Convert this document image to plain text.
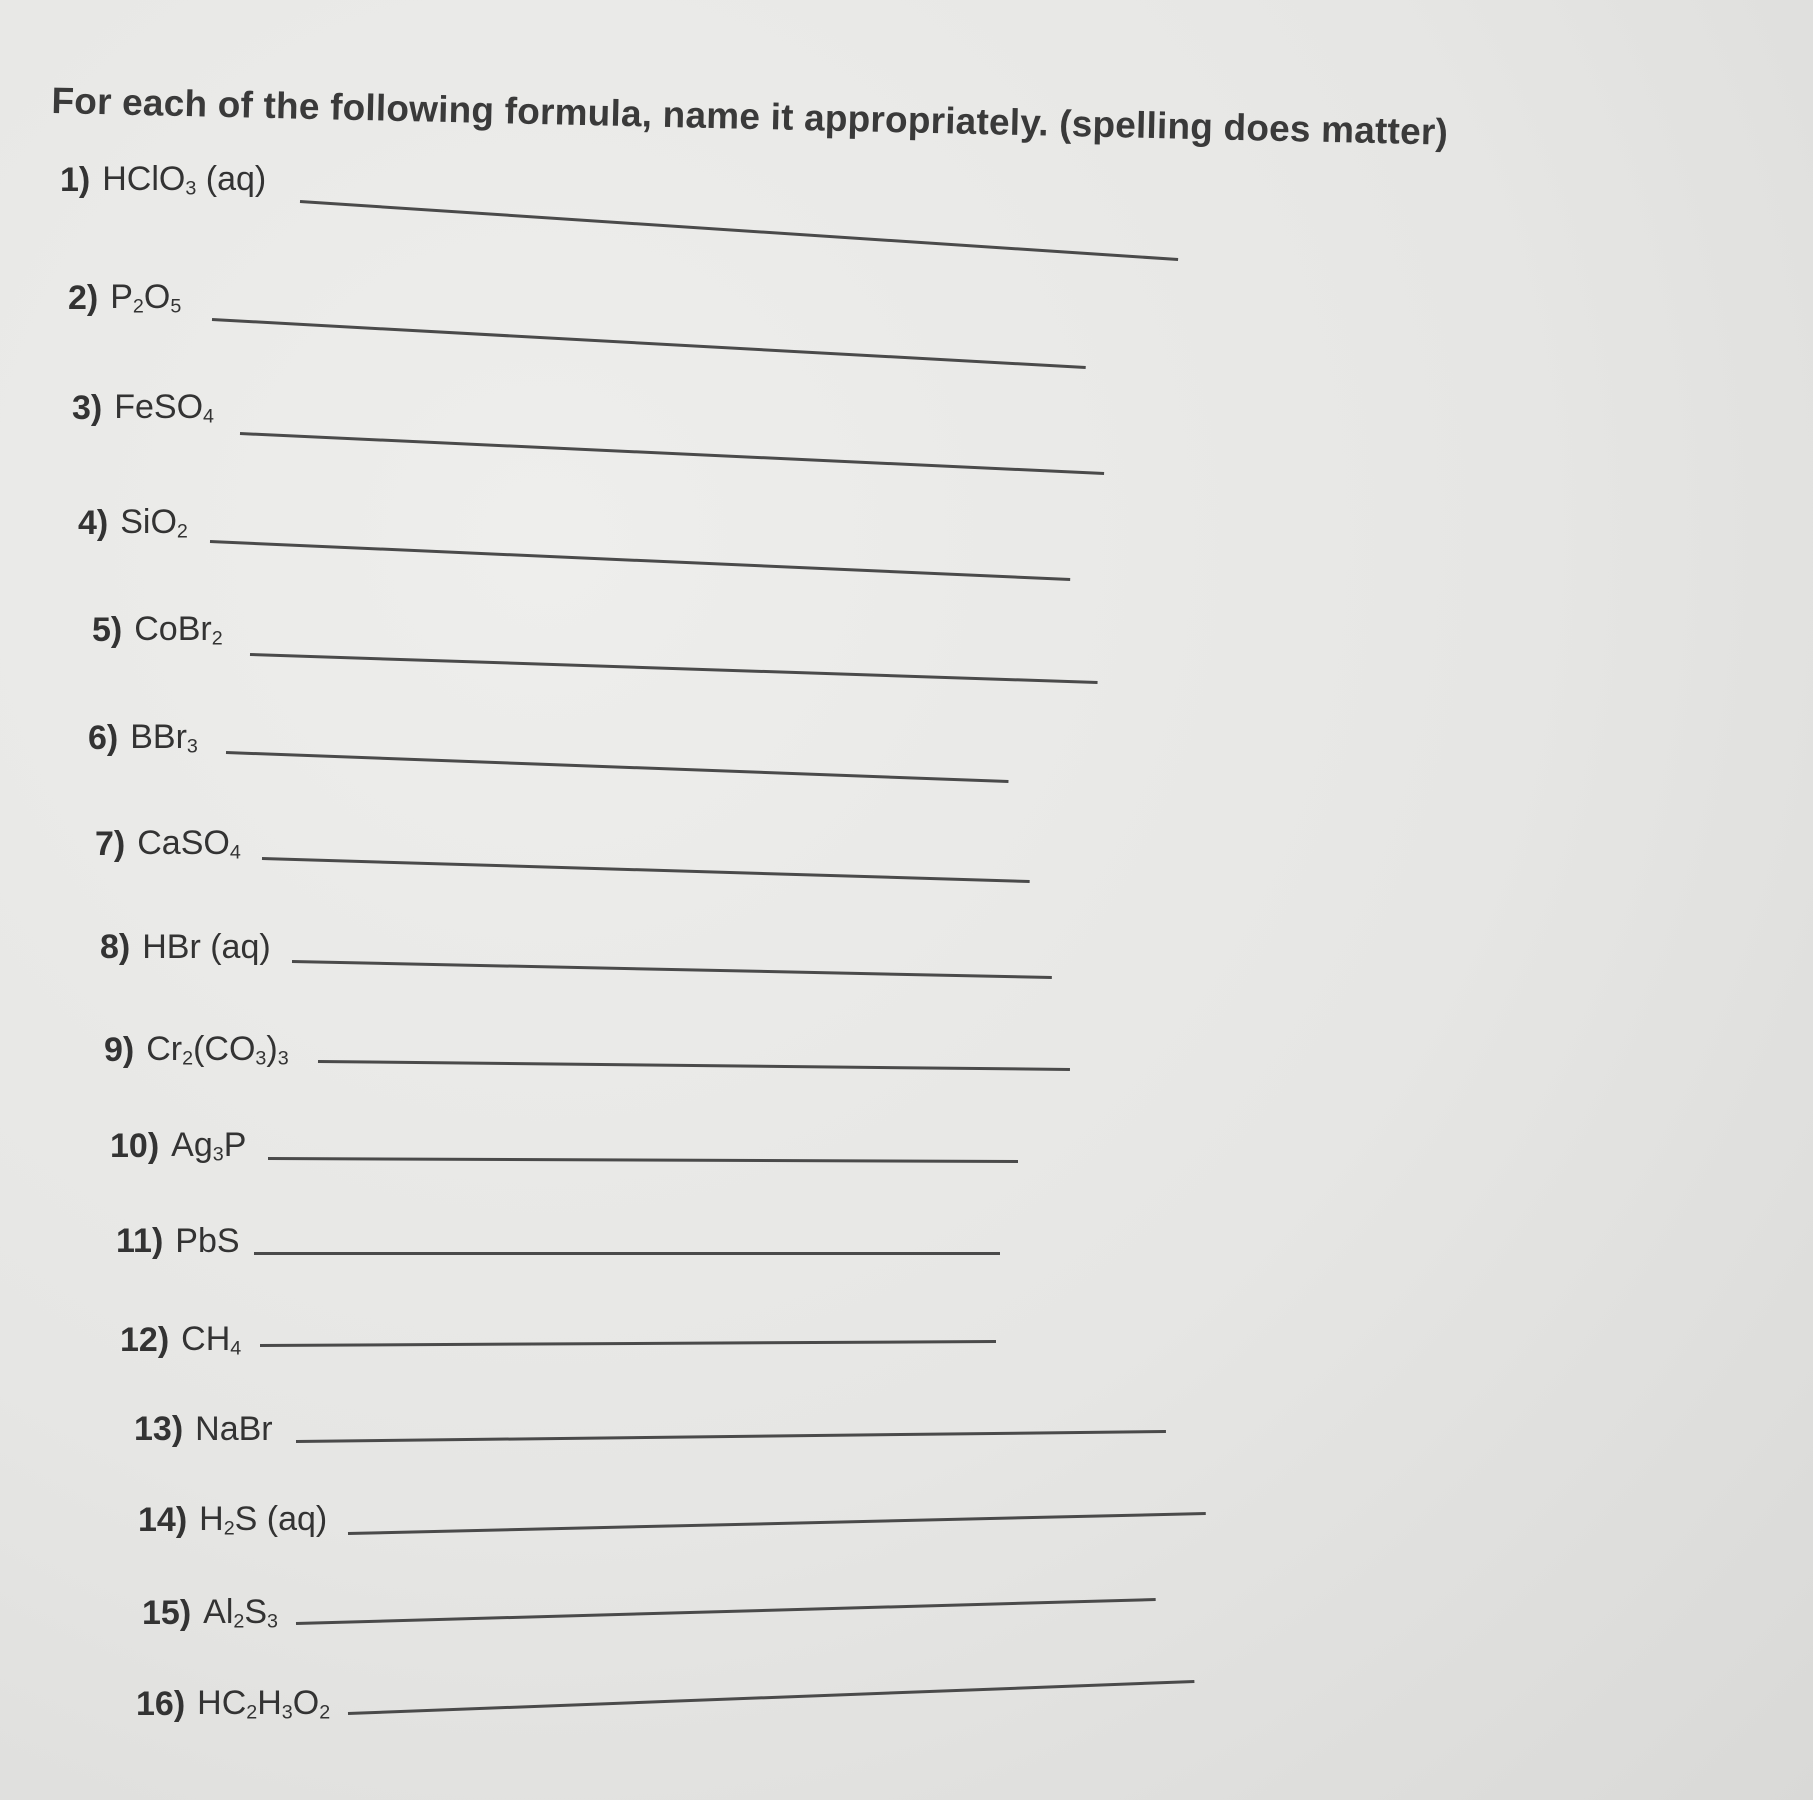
For each of the following formula, name it appropriately. (spelling does matter)
1) HClO$_3$ (aq)
2) $P_2O_5$
3) FeSO$_4$
4) SiO$_2$
5) CoBr$_2$
6) BBr$_3$
7) CaSO$_4$
8) HBr (aq)
9) $Cr_2(CO_3)_3$
10) $Ag_3P$
11) PbS
12) $CH_4$
13) NaBr
14) $H_2S$ (aq)
15) $Al_2S_3$
16) $HC_2H_3O_2$
